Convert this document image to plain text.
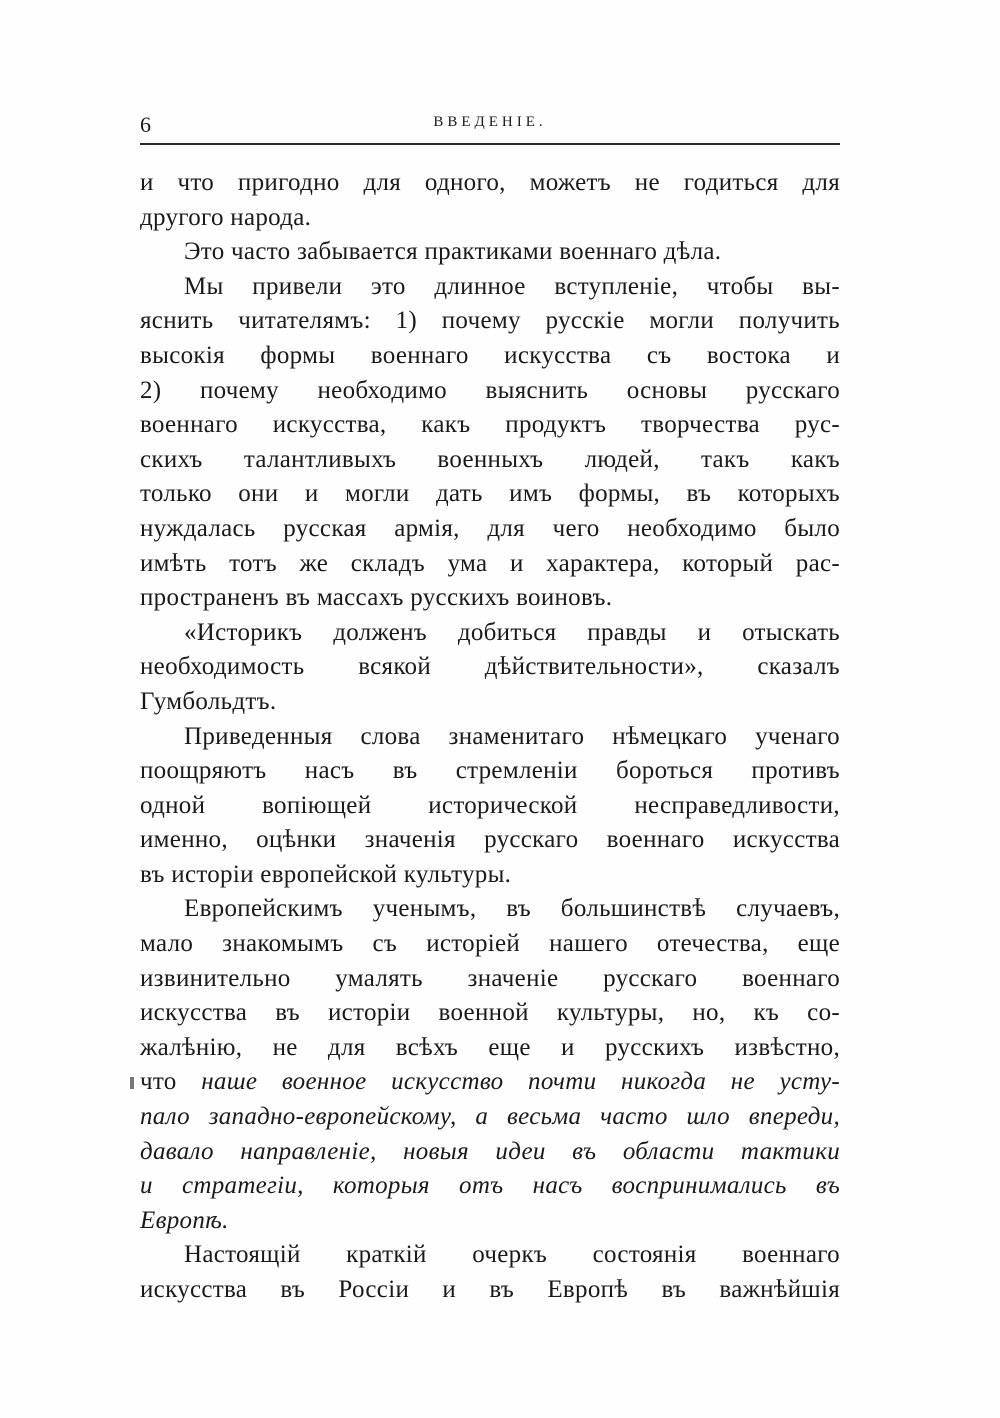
6	ВВЕДЕНІЕ.
и что пригодно для одного, можетъ не годиться для
другого народа.
Это часто забывается практиками военнаго дѣла.
Мы привели это длинное вступленіе, чтобы вы-
яснить читателямъ: 1) почему русскіе могли получить
высокія формы военнаго искусства съ востока и
2) почему необходимо выяснить основы русскаго
военнаго искусства, какъ продуктъ творчества рус-
скихъ талантливыхъ военныхъ людей, такъ какъ
только они и могли дать имъ формы, въ которыхъ
нуждалась русская армія, для чего необходимо было
имѣть тотъ же складъ ума и характера, который рас-
пространенъ въ массахъ русскихъ воиновъ.
«Историкъ долженъ добиться правды и отыскать
необходимость всякой дѣйствительности», сказалъ
Гумбольдтъ.
Приведенныя слова знаменитаго нѣмецкаго ученаго
поощряютъ насъ въ стремленіи бороться противъ
одной вопіющей исторической несправедливости,
именно, оцѣнки значенія русскаго военнаго искусства
въ исторіи европейской культуры.
Европейскимъ ученымъ, въ большинствѣ случаевъ,
мало знакомымъ съ исторіей нашего отечества, еще
извинительно умалять значеніе русскаго военнаго
искусства въ исторіи военной культуры, но, къ со-
жалѣнію, не для всѣхъ еще и русскихъ извѣстно,
что наше военное искусство почти никогда не усту-
пало западно-европейскому, а весьма часто шло впереди,
давало направленіе, новыя идеи въ области тактики
и стратегіи, которыя отъ насъ воспринимались въ
Европѣ.
Настоящій краткій очеркъ состоянія военнаго
искусства въ Россіи и въ Европѣ въ важнѣйшія
